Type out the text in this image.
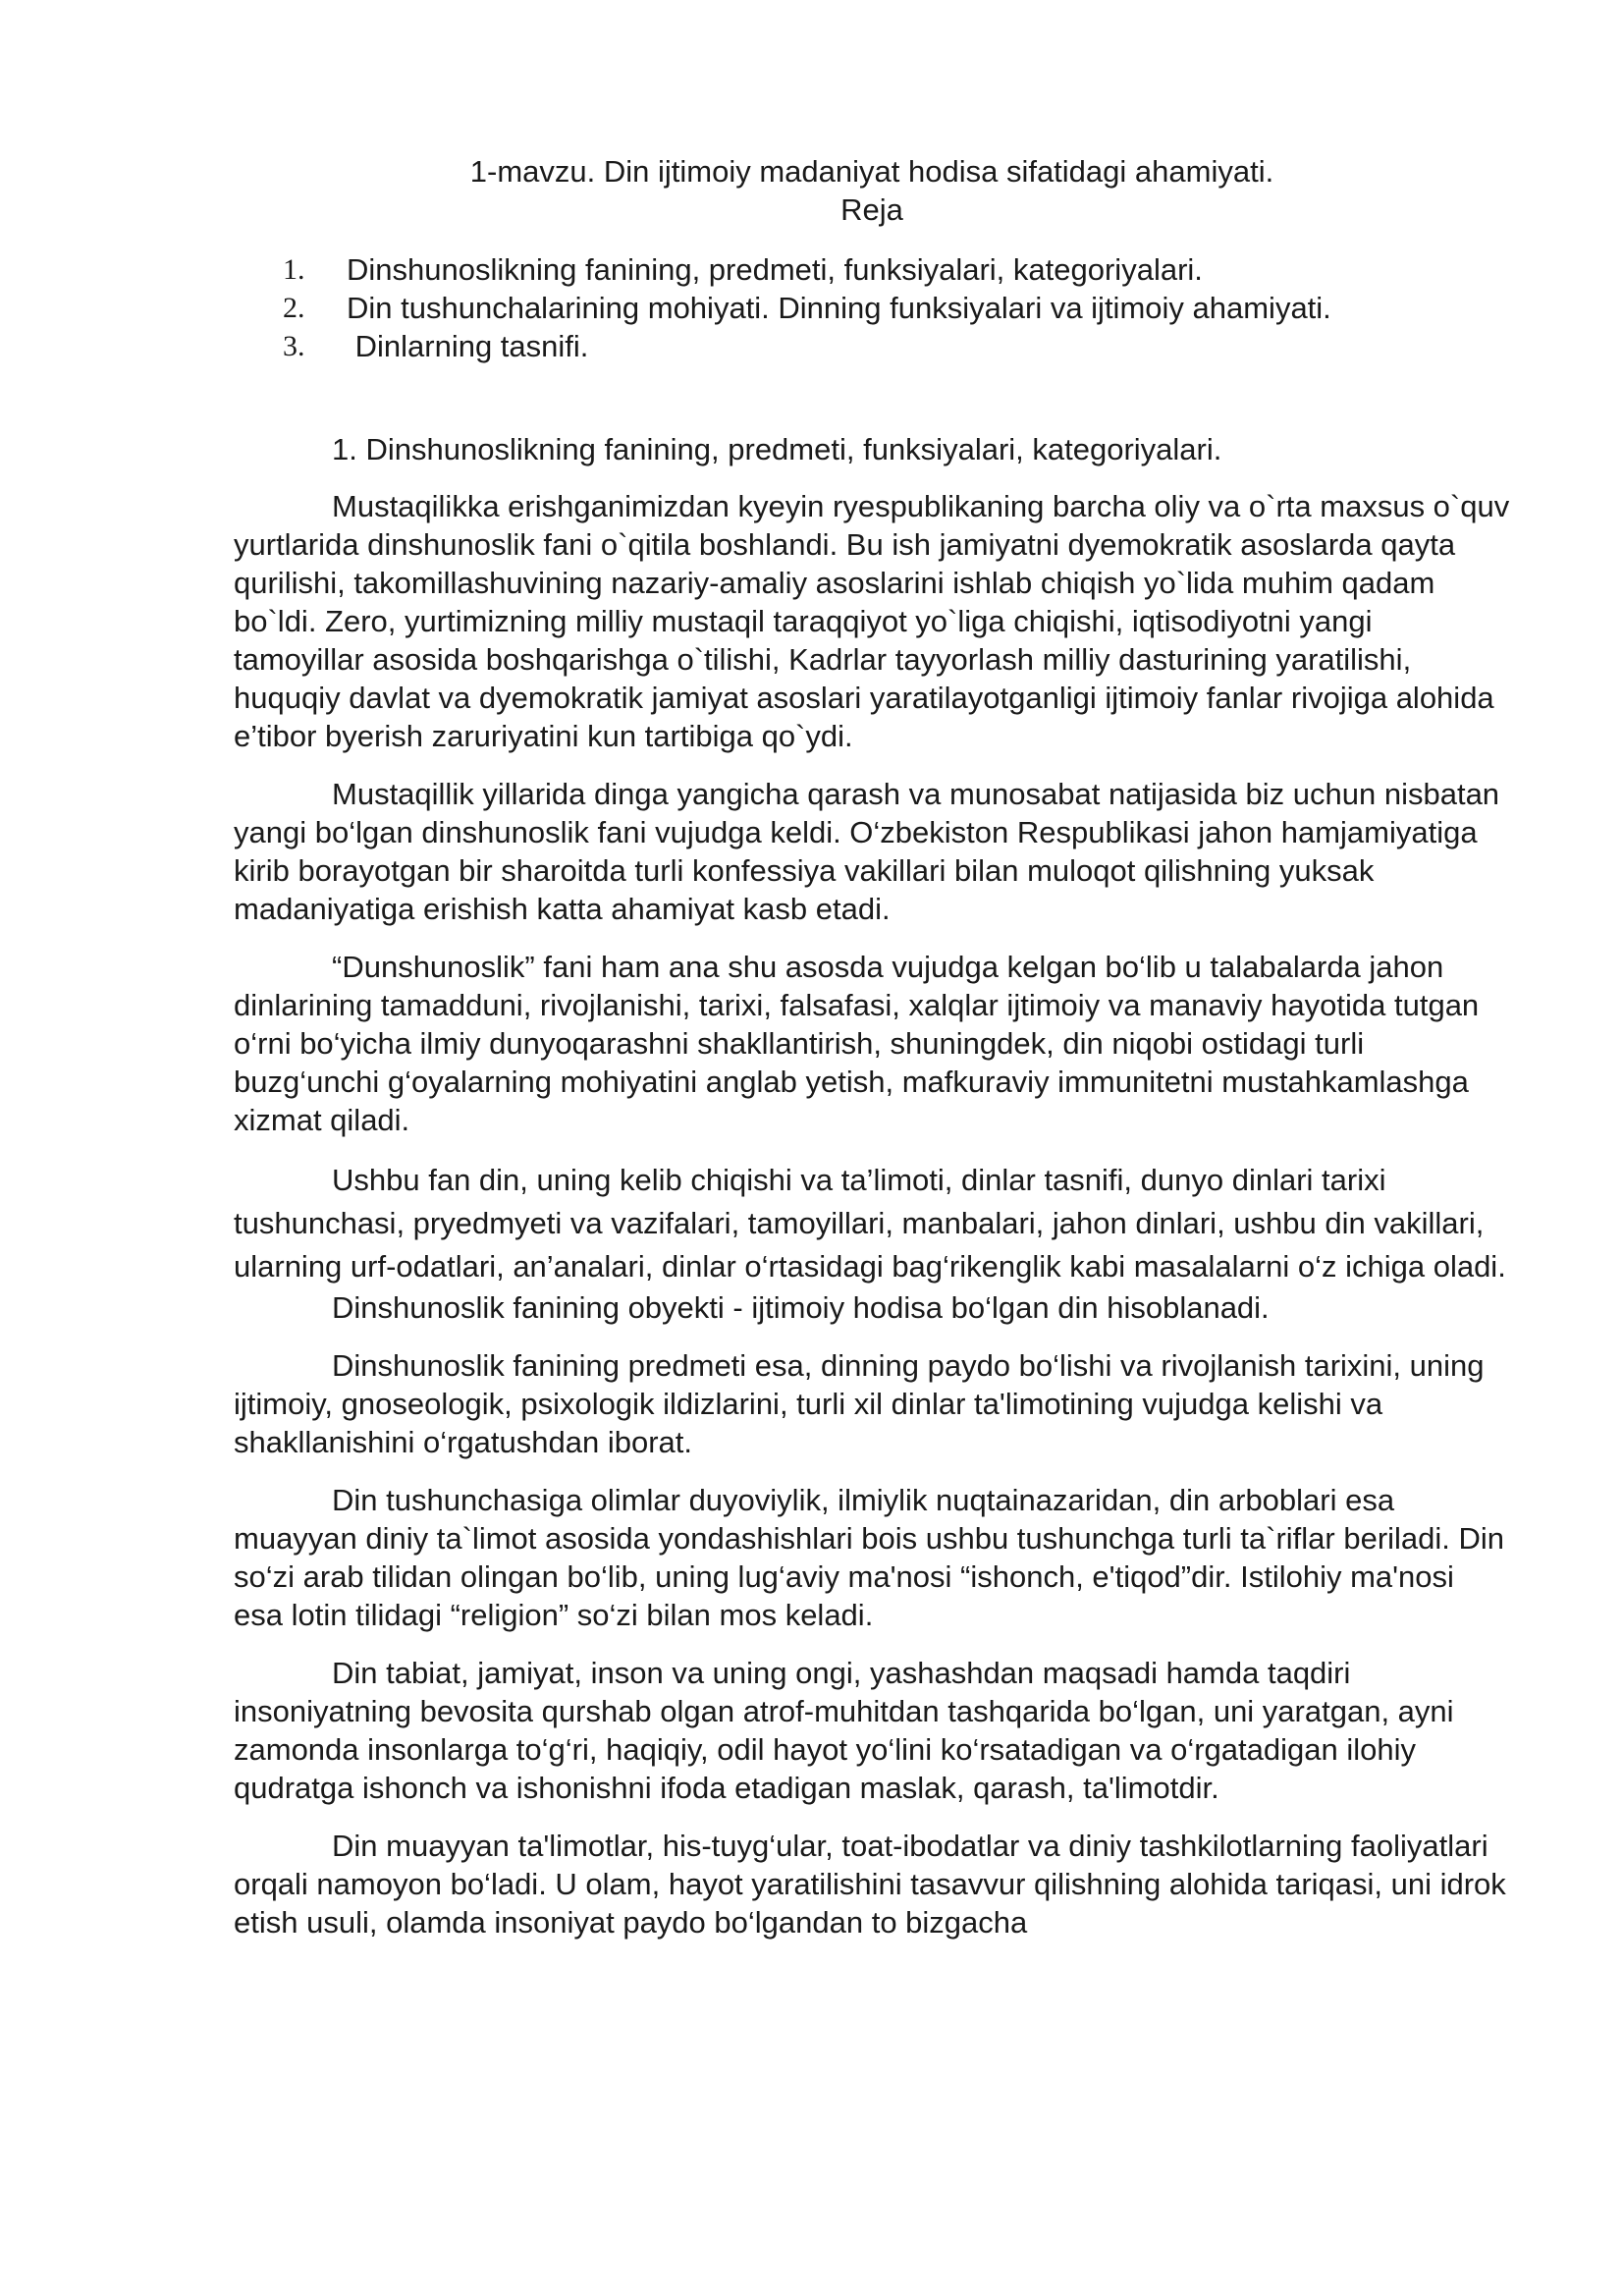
1-mavzu. Din ijtimoiy madaniyat hodisa sifatidagi ahamiyati.
Reja
1. Dinshunoslikning fanining, predmeti, funksiyalari, kategoriyalari.
2. Din tushunchalarining mohiyati. Dinning funksiyalari va ijtimoiy ahamiyati.
3. Dinlarning tasnifi.
1. Dinshunoslikning fanining, predmeti, funksiyalari, kategoriyalari.

Mustaqilikka erishganimizdan kyeyin ryespublikaning barcha oliy va o`rta maxsus o`quv yurtlarida dinshunoslik fani o`qitila boshlandi. Bu ish jamiyatni dyemokratik asoslarda qayta qurilishi, takomillashuvining nazariy-amaliy asoslarini ishlab chiqish yo`lida muhim qadam bo`ldi. Zero, yurtimizning milliy mustaqil taraqqiyot yo`liga chiqishi, iqtisodiyotni yangi tamoyillar asosida boshqarishga o`tilishi, Kadrlar tayyorlash milliy dasturining yaratilishi, huquqiy davlat va dyemokratik jamiyat asoslari yaratilayotganligi ijtimoiy fanlar rivojiga alohida e’tibor byerish zaruriyatini kun tartibiga qo`ydi.

Mustaqillik yillarida dinga yangicha qarash va munosabat natijasida biz uchun nisbatan yangi bo‘lgan dinshunoslik fani vujudga keldi. O‘zbekiston Respublikasi jahon hamjamiyatiga kirib borayotgan bir sharoitda turli konfessiya vakillari bilan muloqot qilishning yuksak madaniyatiga erishish katta ahamiyat kasb etadi.

“Dunshunoslik” fani ham ana shu asosda vujudga kelgan bo‘lib u talabalarda jahon dinlarining tamadduni, rivojlanishi, tarixi, falsafasi, xalqlar ijtimoiy va manaviy hayotida tutgan o‘rni bo‘yicha ilmiy dunyoqarashni shakllantirish, shuningdek, din niqobi ostidagi turli buzg‘unchi g‘oyalarning mohiyatini anglab yetish, mafkuraviy immunitetni mustahkamlashga xizmat qiladi.

Ushbu fan din, uning kelib chiqishi va ta’limoti, dinlar tasnifi, dunyo dinlari tarixi tushunchasi, pryedmyeti va vazifalari, tamoyillari, manbalari, jahon dinlari, ushbu din vakillari, ularning urf-odatlari, an’analari, dinlar o‘rtasidagi bag‘rikenglik kabi masalalarni o‘z ichiga oladi.

Dinshunoslik fanining obyekti - ijtimoiy hodisa bo‘lgan din hisoblanadi.

Dinshunoslik fanining predmeti esa, dinning paydo bo‘lishi va rivojlanish tarixini, uning ijtimoiy, gnoseologik, psixologik ildizlarini, turli xil dinlar ta'limotining vujudga kelishi va shakllanishini o‘rgatushdan iborat.

Din tushunchasiga olimlar duyoviylik, ilmiylik nuqtainazaridan, din arboblari esa muayyan diniy ta`limot asosida yondashishlari bois ushbu tushunchga turli ta`riflar beriladi. Din so‘zi arab tilidan olingan bo‘lib, uning lug‘aviy ma'nosi “ishonch, e'tiqod”dir. Istilohiy ma'nosi esa lotin tilidagi “religion” so‘zi bilan mos keladi.

Din tabiat, jamiyat, inson va uning ongi, yashashdan maqsadi hamda taqdiri insoniyatning bevosita qurshab olgan atrof-muhitdan tashqarida bo‘lgan, uni yaratgan, ayni zamonda insonlarga to‘g‘ri, haqiqiy, odil hayot yo‘lini ko‘rsatadigan va o‘rgatadigan ilohiy qudratga ishonch va ishonishni ifoda etadigan maslak, qarash, ta'limotdir.

Din muayyan ta'limotlar, his-tuyg‘ular, toat-ibodatlar va diniy tashkilotlarning faoliyatlari orqali namoyon bo‘ladi. U olam, hayot yaratilishini tasavvur qilishning alohida tariqasi, uni idrok etish usuli, olamda insoniyat paydo bo‘lgandan to bizgacha
